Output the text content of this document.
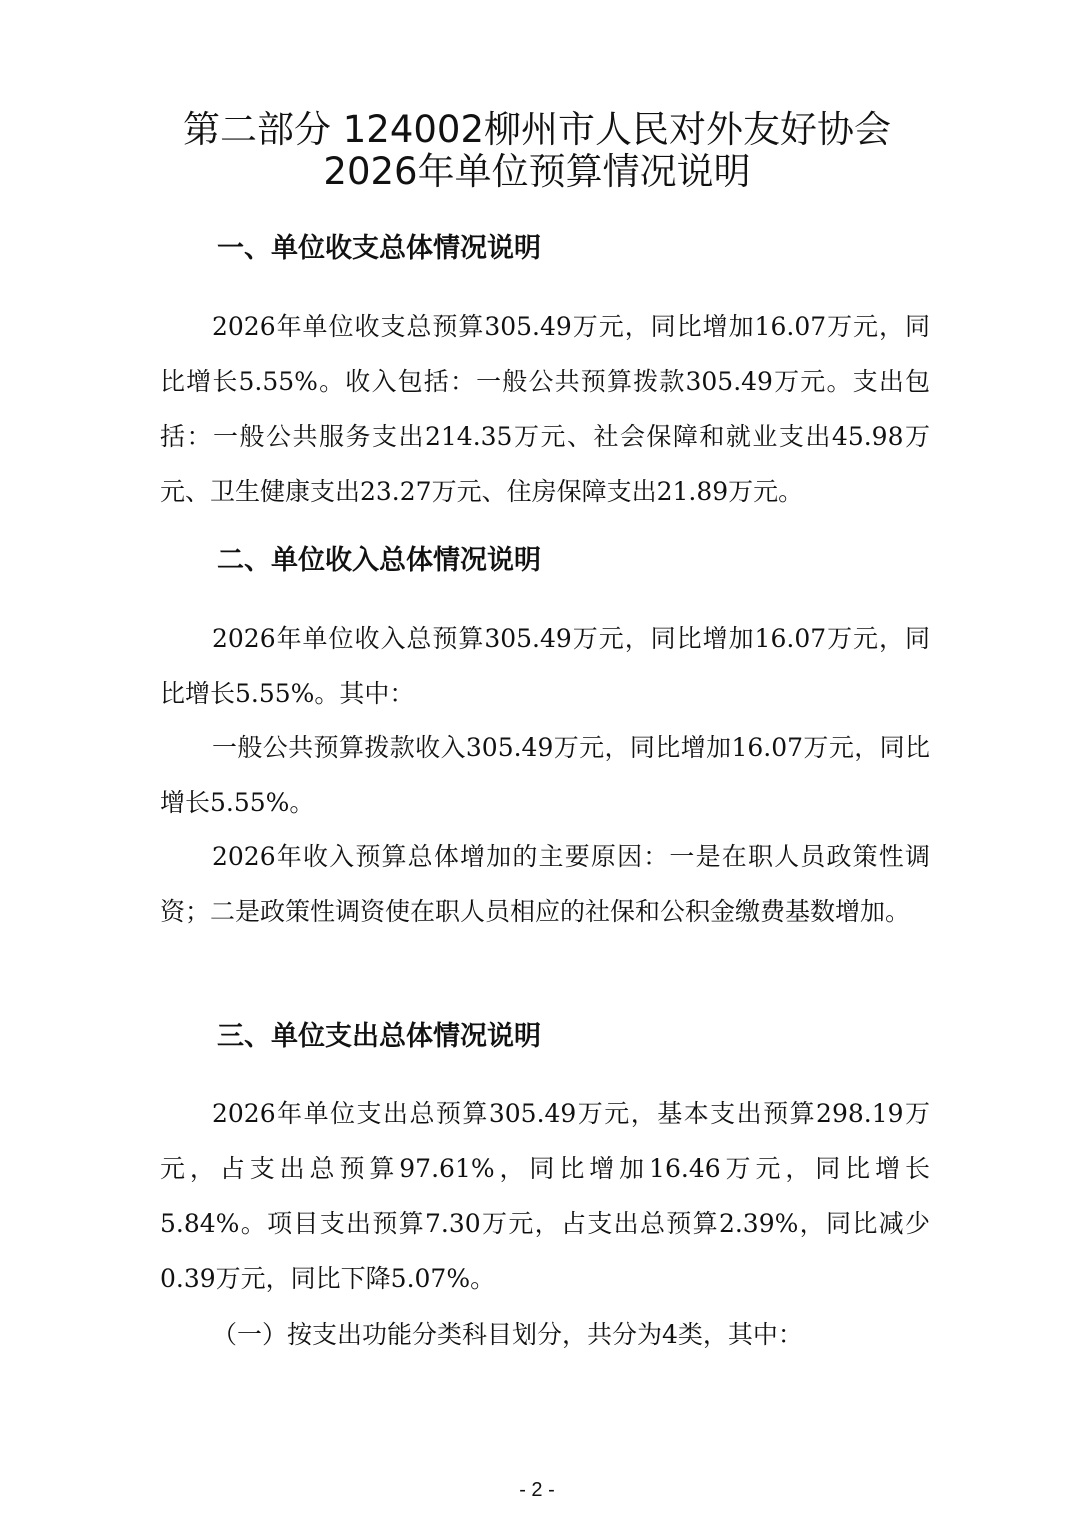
第二部分 124002柳州市人民对外友好协会
2026年单位预算情况说明
一、单位收支总体情况说明

2026年单位收支总预算305.49万元，同比增加16.07万元，同比增长5.55%。收入包括：一般公共预算拨款305.49万元。支出包括：一般公共服务支出214.35万元、社会保障和就业支出45.98万元、卫生健康支出23.27万元、住房保障支出21.89万元。

二、单位收入总体情况说明

2026年单位收入总预算305.49万元，同比增加16.07万元，同比增长5.55%。其中：

一般公共预算拨款收入305.49万元，同比增加16.07万元，同比增长5.55%。

2026年收入预算总体增加的主要原因：一是在职人员政策性调资；二是政策性调资使在职人员相应的社保和公积金缴费基数增加。

三、单位支出总体情况说明

2026年单位支出总预算305.49万元，基本支出预算298.19万元，占支出总预算97.61%，同比增加16.46万元，同比增长5.84%。项目支出预算7.30万元，占支出总预算2.39%，同比减少0.39万元，同比下降5.07%。

（一）按支出功能分类科目划分，共分为4类，其中：

- 2 -
